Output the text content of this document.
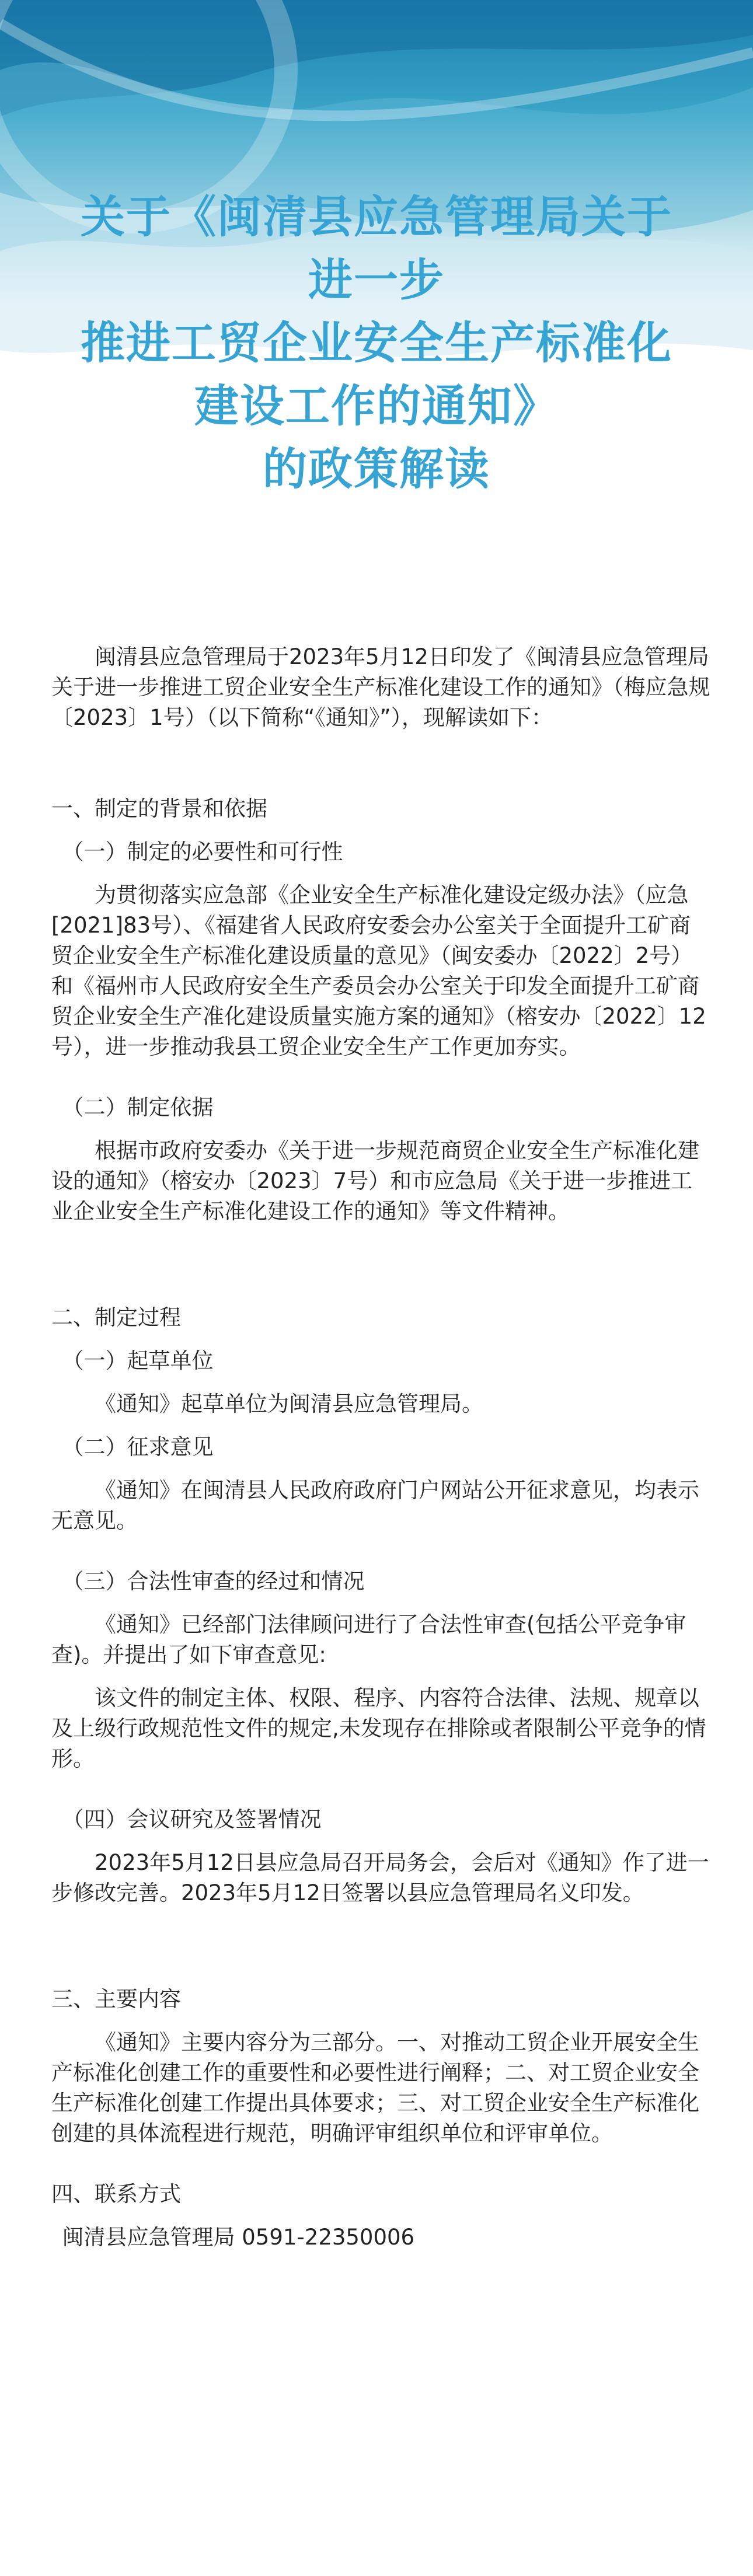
关于《闽清县应急管理局关于
进一步
推进工贸企业安全生产标准化
建设工作的通知》
的政策解读

闽清县应急管理局于2023年5月12日印发了《闽清县应急管理局关于进一步推进工贸企业安全生产标准化建设工作的通知》（梅应急规〔2023〕1号）（以下简称“《通知》”），现解读如下：

一、制定的背景和依据

（一）制定的必要性和可行性

为贯彻落实应急部《企业安全生产标准化建设定级办法》（应急[2021]83号）、《福建省人民政府安委会办公室关于全面提升工矿商贸企业安全生产标准化建设质量的意见》（闽安委办〔2022〕2号）和《福州市人民政府安全生产委员会办公室关于印发全面提升工矿商贸企业安全生产准化建设质量实施方案的通知》（榕安办〔2022〕12号），进一步推动我县工贸企业安全生产工作更加夯实。

（二）制定依据

根据市政府安委办《关于进一步规范商贸企业安全生产标准化建设的通知》（榕安办〔2023〕7号）和市应急局《关于进一步推进工业企业安全生产标准化建设工作的通知》等文件精神。

二、制定过程

（一）起草单位

《通知》起草单位为闽清县应急管理局。

（二）征求意见

《通知》在闽清县人民政府政府门户网站公开征求意见，均表示无意见。

（三）合法性审查的经过和情况

《通知》已经部门法律顾问进行了合法性审查(包括公平竞争审查)。并提出了如下审查意见:

该文件的制定主体、权限、程序、内容符合法律、法规、规章以及上级行政规范性文件的规定,未发现存在排除或者限制公平竞争的情形。

（四）会议研究及签署情况

2023年5月12日县应急局召开局务会，会后对《通知》作了进一步修改完善。2023年5月12日签署以县应急管理局名义印发。

三、主要内容

《通知》主要内容分为三部分。一、对推动工贸企业开展安全生产标准化创建工作的重要性和必要性进行阐释；二、对工贸企业安全生产标准化创建工作提出具体要求；三、对工贸企业安全生产标准化创建的具体流程进行规范，明确评审组织单位和评审单位。

四、联系方式

闽清县应急管理局 0591-22350006
